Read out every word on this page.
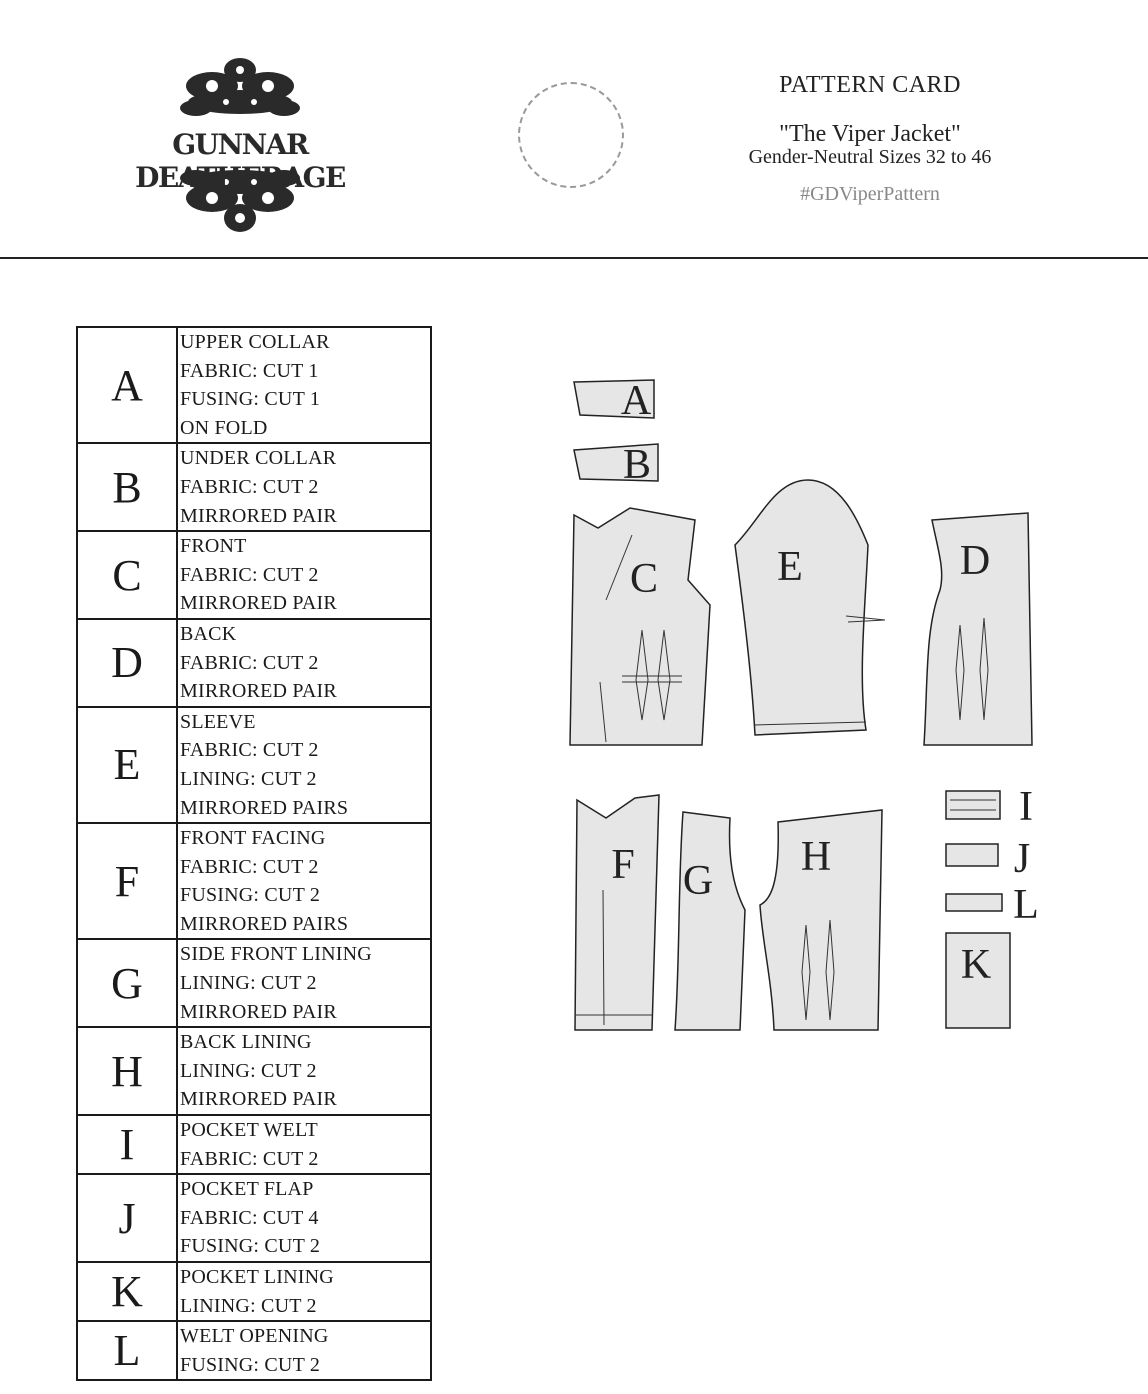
GUNNAR DEATHERAGE
PATTERN CARD
"The Viper Jacket"
Gender-Neutral Sizes 32 to 46
#GDViperPattern
A	UPPER COLLAR
FABRIC: CUT 1
FUSING: CUT 1
ON FOLD

B	UNDER COLLAR
FABRIC: CUT 2
MIRRORED PAIR

C	FRONT
FABRIC: CUT 2
MIRRORED PAIR

D	BACK
FABRIC: CUT 2
MIRRORED PAIR

E	SLEEVE
FABRIC: CUT 2
LINING: CUT 2
MIRRORED PAIRS

F	FRONT FACING
FABRIC: CUT 2
FUSING: CUT 2
MIRRORED PAIRS

G	SIDE FRONT LINING
LINING: CUT 2
MIRRORED PAIR

H	BACK LINING
LINING: CUT 2
MIRRORED PAIR

I	POCKET WELT
FABRIC: CUT 2

J	POCKET FLAP
FABRIC: CUT 4
FUSING: CUT 2

K	POCKET LINING
LINING: CUT 2

L	WELT OPENING
FUSING: CUT 2
A
B
C	E	D
F G
H
I
J
L
K
